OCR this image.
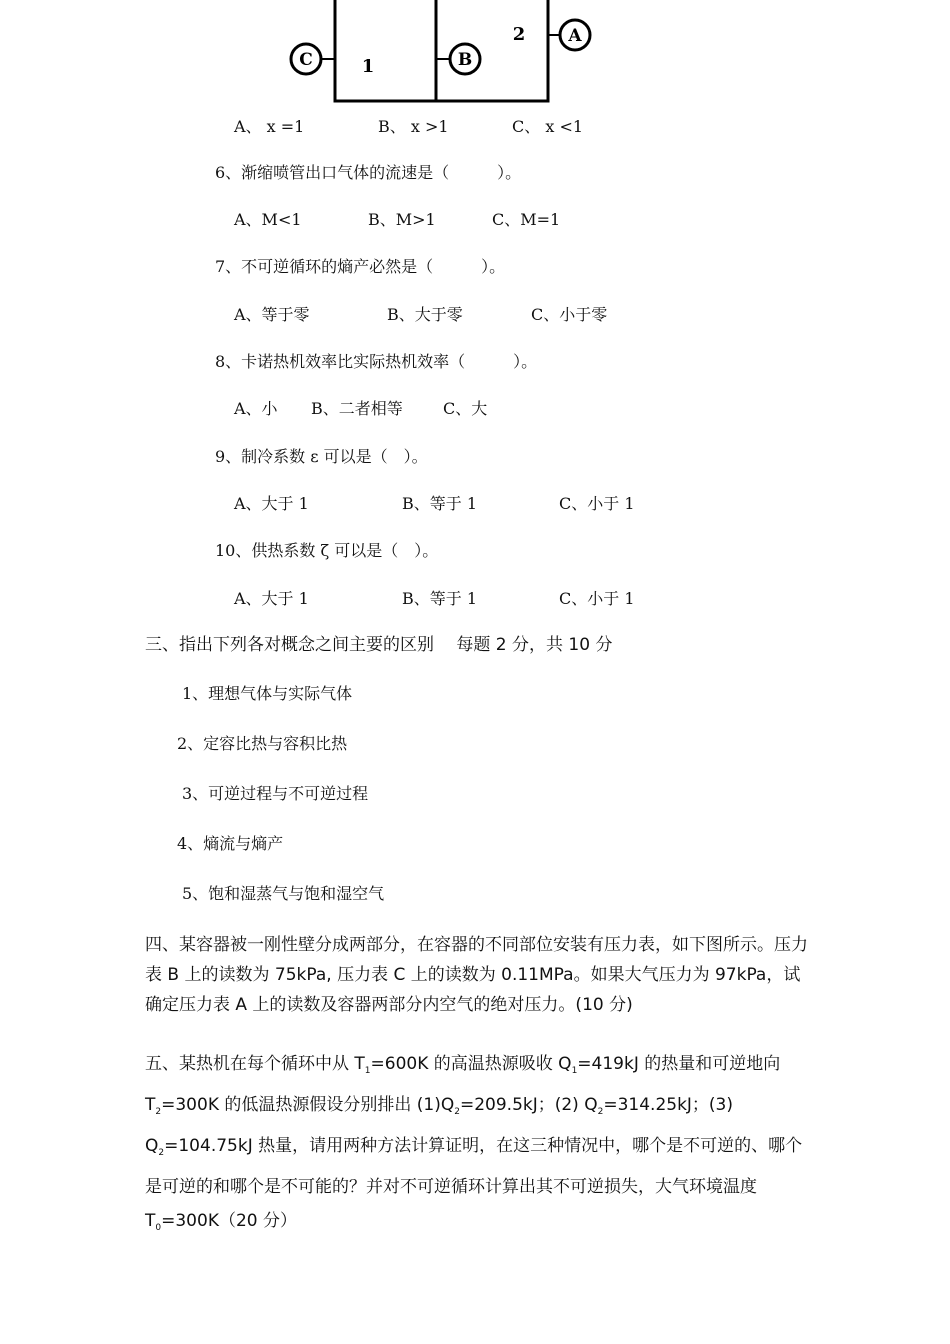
C	B
A
1
2
A、 x =1	B、 x >1	C、 x <1
6、渐缩喷管出口气体的流速是（　　　）。
A、M<1	B、M>1	C、M=1
7、不可逆循环的熵产必然是（　　　）。
A、等于零	B、大于零	C、小于零
8、卡诺热机效率比实际热机效率（　　　）。
A、小 B、二者相等	C、大
9、制冷系数 ε 可以是（　）。
A、大于 1	B、等于 1	C、小于 1
10、供热系数 ζ 可以是（　）。
A、大于 1	B、等于 1	C、小于 1
三、指出下列各对概念之间主要的区别　 每题 2 分，共 10 分
1、理想气体与实际气体
2、定容比热与容积比热
3、可逆过程与不可逆过程
4、熵流与熵产
5、饱和湿蒸气与饱和湿空气
四、某容器被一刚性壁分成两部分，在容器的不同部位安装有压力表，如下图所示。压力表 B 上的读数为 75kPa, 压力表 C 上的读数为 0.11MPa。如果大气压力为 97kPa，试确定压力表 A 上的读数及容器两部分内空气的绝对压力。(10 分)
五、某热机在每个循环中从 $T_1=600K$ 的高温热源吸收 $Q_1=419kJ$ 的热量和可逆地向 $T_2=300K$ 的低温热源假设分别排出 $(1)Q_2=209.5kJ$；(2) $Q_2=314.25kJ$；(3) $Q_2=104.75kJ$ 热量，请用两种方法计算证明，在这三种情况中，哪个是不可逆的、哪个是可逆的和哪个是不可能的？并对不可逆循环计算出其不可逆损失，大气环境温度 $T_0=300K(20$ 分）
